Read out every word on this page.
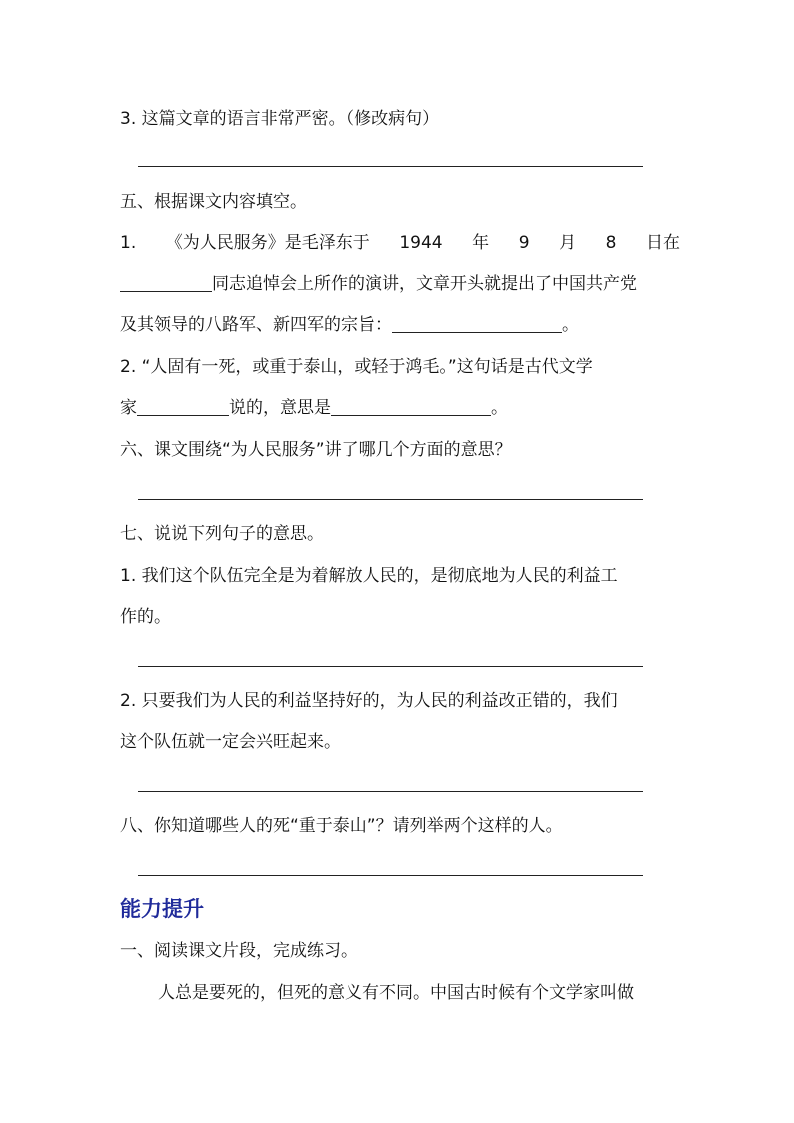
3. 这篇文章的语言非常严密。（修改病句）
五、根据课文内容填空。
1. 《为人民服务》是毛泽东于 1944 年 9 月 8 日在
同志追悼会上所作的演讲，文章开头就提出了中国共产党
及其领导的八路军、新四军的宗旨：	。
2. “人固有一死，或重于泰山，或轻于鸿毛。”这句话是古代文学
家	说的，意思是	。
六、课文围绕“为人民服务”讲了哪几个方面的意思？
七、说说下列句子的意思。
1. 我们这个队伍完全是为着解放人民的，是彻底地为人民的利益工
作的。
2. 只要我们为人民的利益坚持好的，为人民的利益改正错的，我们
这个队伍就一定会兴旺起来。
八、你知道哪些人的死“重于泰山”？请列举两个这样的人。
能力提升
一、阅读课文片段，完成练习。
人总是要死的，但死的意义有不同。中国古时候有个文学家叫做
